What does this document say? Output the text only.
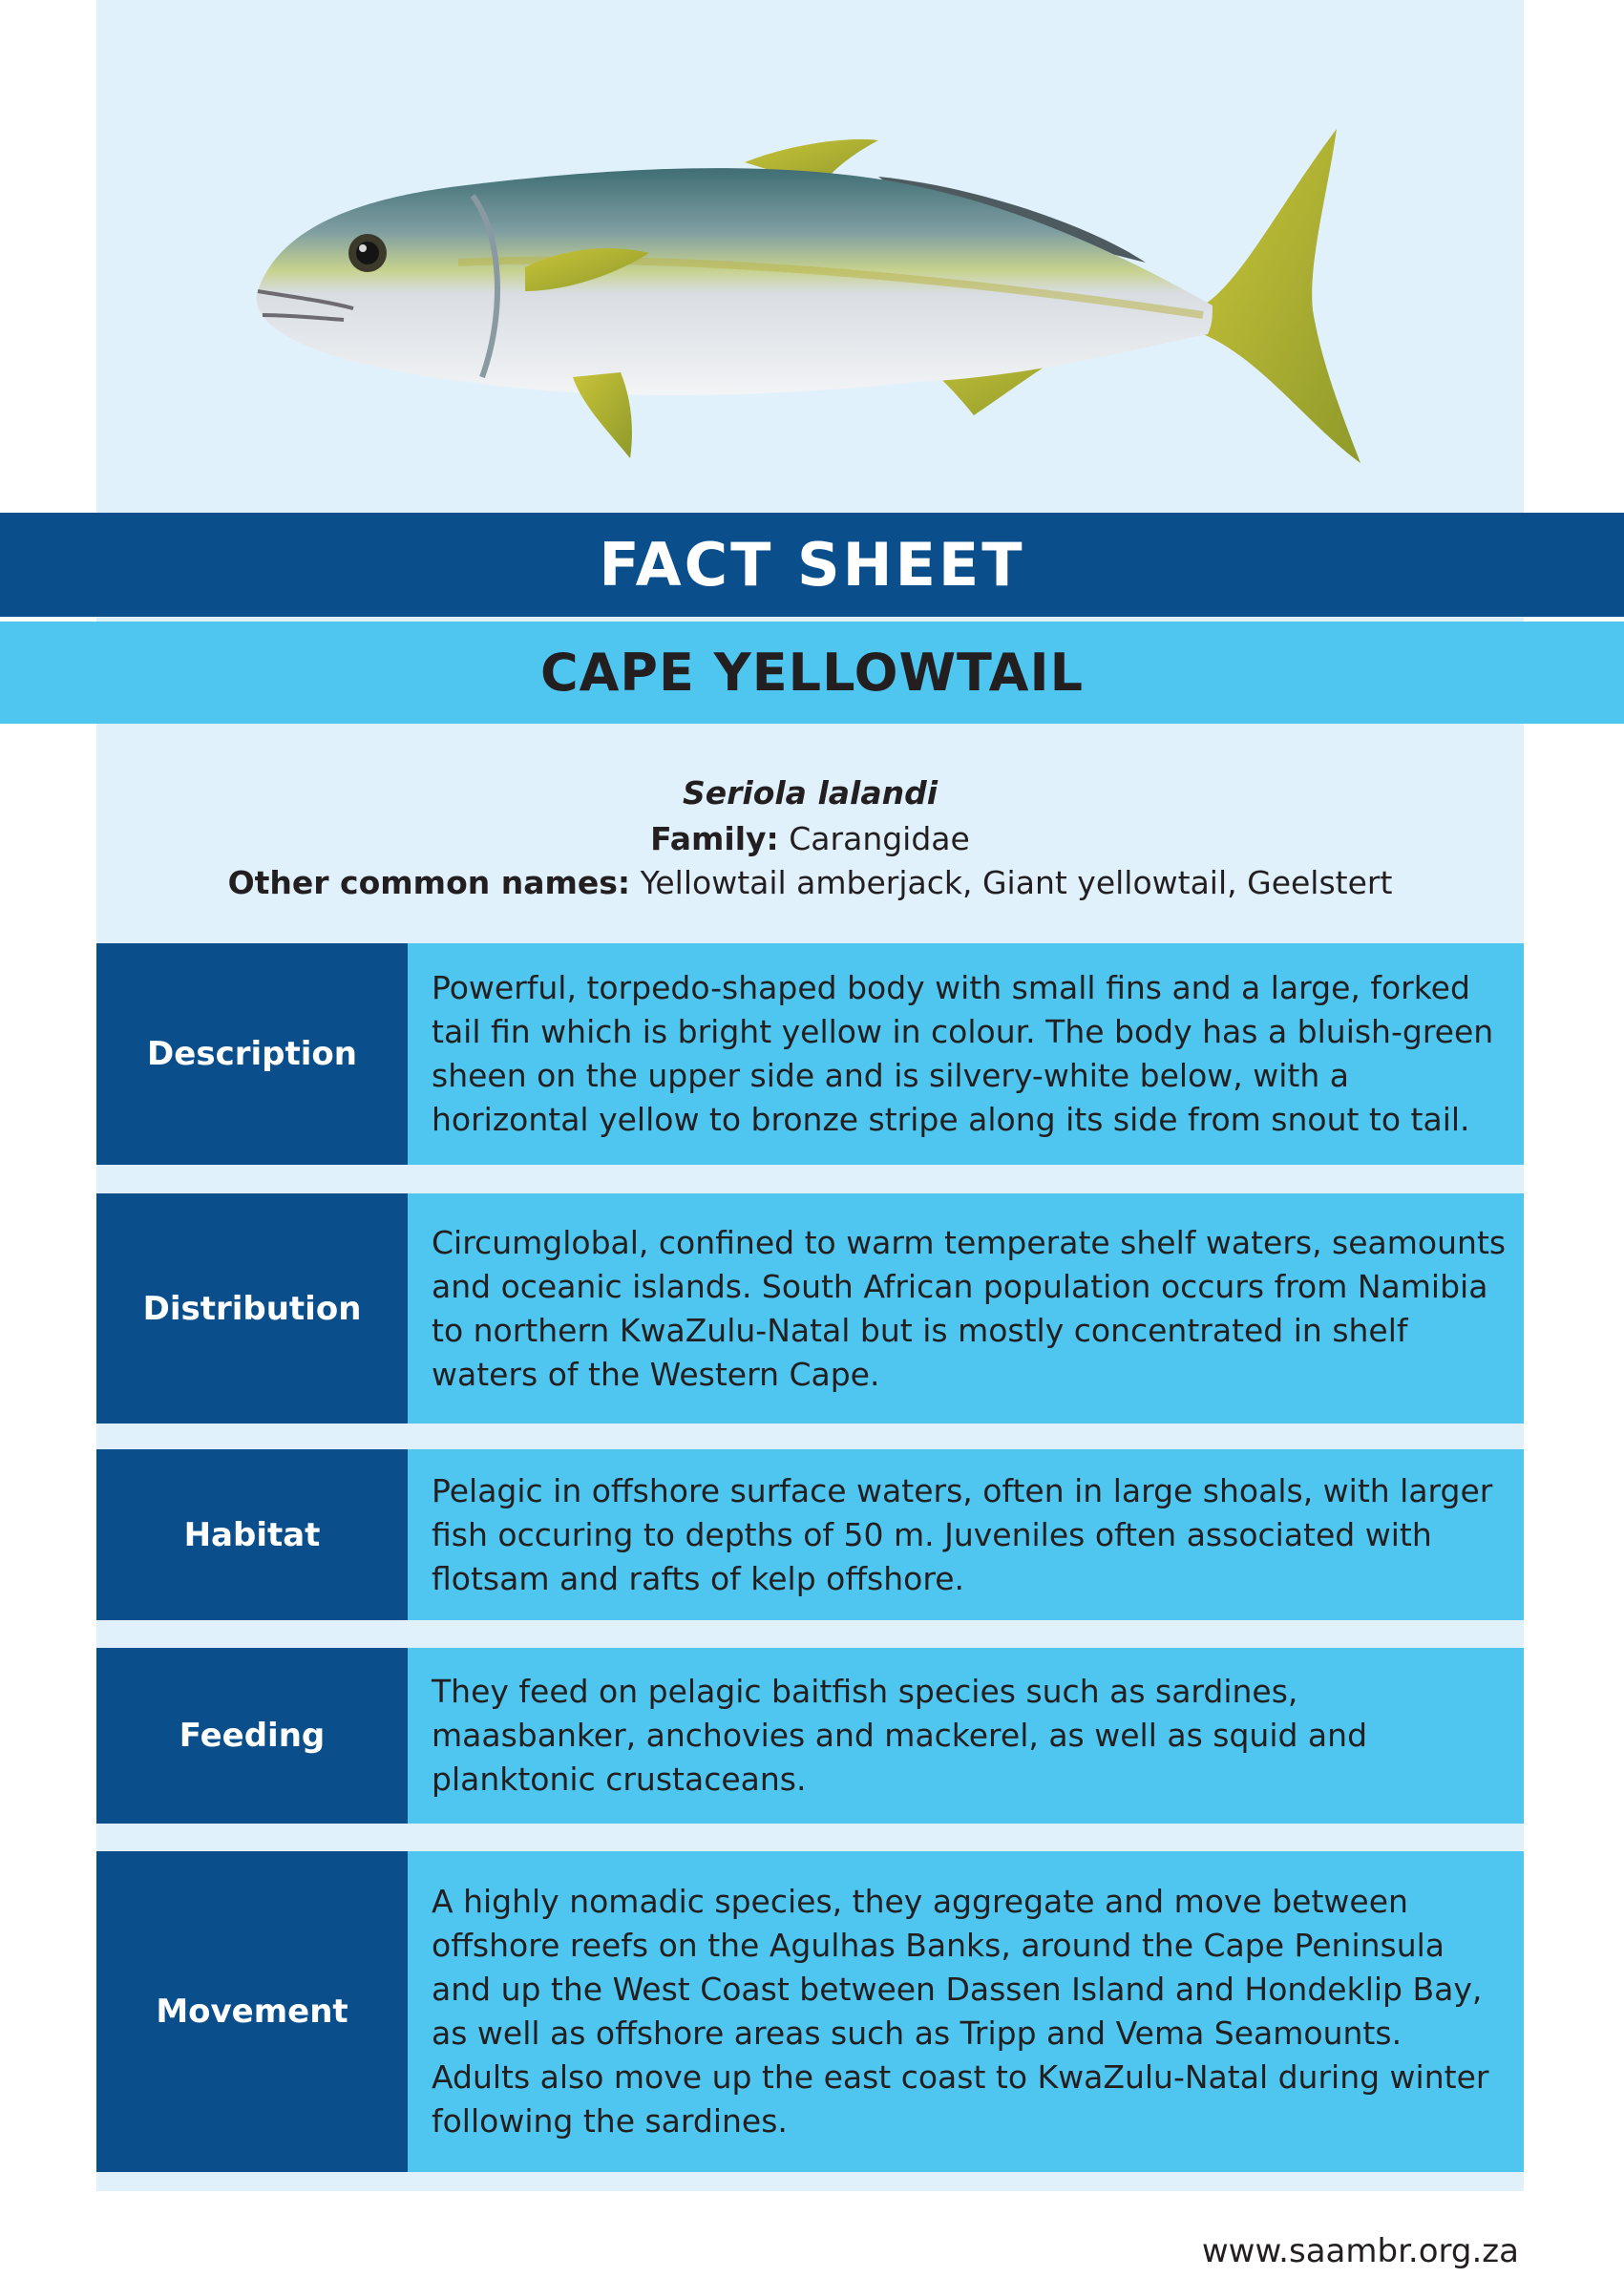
FACT SHEET
CAPE YELLOWTAIL
Seriola lalandi
Family: Carangidae
Other common names: Yellowtail amberjack, Giant yellowtail, Geelstert
Description
Powerful, torpedo-shaped body with small fins and a large, forked tail fin which is bright yellow in colour. The body has a bluish-green sheen on the upper side and is silvery-white below, with a horizontal yellow to bronze stripe along its side from snout to tail.
Distribution
Circumglobal, confined to warm temperate shelf waters, seamounts and oceanic islands. South African population occurs from Namibia to northern KwaZulu-Natal but is mostly concentrated in shelf waters of the Western Cape.
Habitat
Pelagic in offshore surface waters, often in large shoals, with larger fish occuring to depths of 50 m. Juveniles often associated with flotsam and rafts of kelp offshore.
Feeding
They feed on pelagic baitfish species such as sardines, maasbanker, anchovies and mackerel, as well as squid and planktonic crustaceans.
Movement
A highly nomadic species, they aggregate and move between offshore reefs on the Agulhas Banks, around the Cape Peninsula and up the West Coast between Dassen Island and Hondeklip Bay, as well as offshore areas such as Tripp and Vema Seamounts. Adults also move up the east coast to KwaZulu-Natal during winter following the sardines.
www.saambr.org.za
